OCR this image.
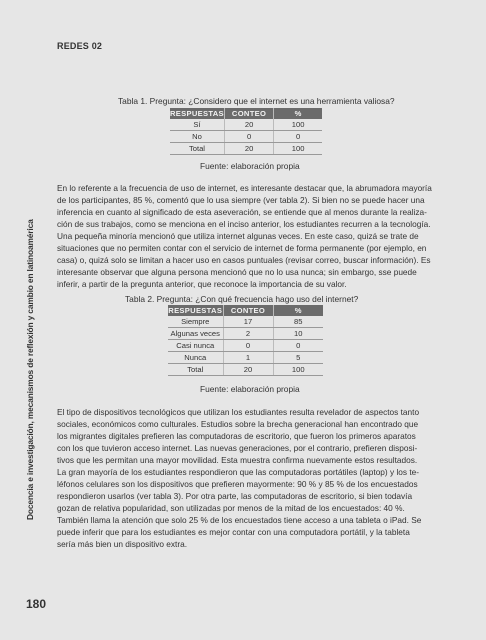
REDES 02
Docencia e investigación, mecanismos de reflexión y cambio en latinoamérica
Tabla 1. Pregunta: ¿Considero que el internet es una herramienta valiosa?
RESPUESTAS	CONTEO	%
Sí	20	100
No	0	0
Total	20	100
Fuente: elaboración propia
En lo referente a la frecuencia de uso de internet, es interesante destacar que, la abrumadora mayoría
de los participantes, 85 %, comentó que lo usa siempre (ver tabla 2). Si bien no se puede hacer una
inferencia en cuanto al significado de esta aseveración, se entiende que al menos durante la realiza-
ción de sus trabajos, como se menciona en el inciso anterior, los estudiantes recurren a la tecnología.
Una pequeña minoría mencionó que utiliza internet algunas veces. En este caso, quizá se trate de
situaciones que no permiten contar con el servicio de internet de forma permanente (por ejemplo, en
casa) o, quizá solo se limitan a hacer uso en casos puntuales (revisar correo, buscar información). Es
interesante observar que alguna persona mencionó que no lo usa nunca; sin embargo, sse puede
inferir, a partir de la pregunta anterior, que reconoce la importancia de su valor.
Tabla 2. Pregunta: ¿Con qué frecuencia hago uso del internet?
RESPUESTAS	CONTEO	%
Siempre	17	85
Algunas veces	2	10
Casi nunca	0	0
Nunca	1	5
Total	20	100
Fuente: elaboración propia
El tipo de dispositivos tecnológicos que utilizan los estudiantes resulta revelador de aspectos tanto
sociales, económicos como culturales. Estudios sobre la brecha generacional han encontrado que
los migrantes digitales prefieren las computadoras de escritorio, que fueron los primeros aparatos
con los que tuvieron acceso internet. Las nuevas generaciones, por el contrario, prefieren disposi-
tivos que les permitan una mayor movilidad. Esta muestra confirma nuevamente estos resultados.
La gran mayoría de los estudiantes respondieron que las computadoras portátiles (laptop) y los te-
léfonos celulares son los dispositivos que prefieren mayormente: 90 % y 85 % de los encuestados
respondieron usarlos (ver tabla 3). Por otra parte, las computadoras de escritorio, si bien todavía
gozan de relativa popularidad, son utilizadas por menos de la mitad de los encuestados: 40 %.
También llama la atención que solo 25 % de los encuestados tiene acceso a una tableta o iPad. Se
puede inferir que para los estudiantes es mejor contar con una computadora portátil, y la tableta
sería más bien un dispositivo extra.
180
